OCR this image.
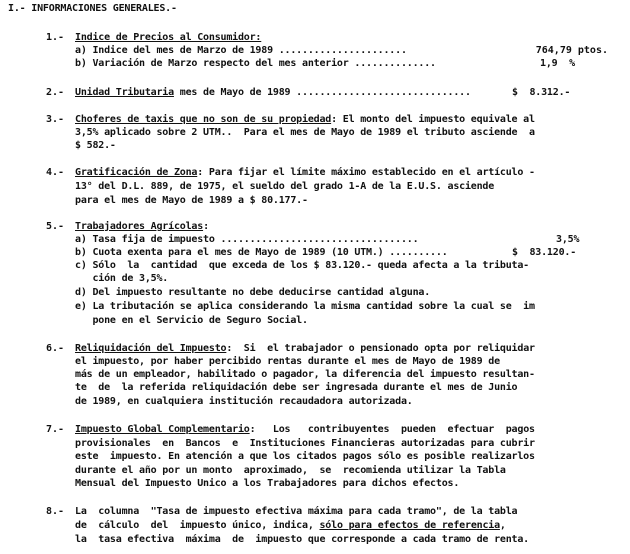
I.- INFORMACIONES GENERALES.-
1.- Indice de Precios al Consumidor:
a) Indice del mes de Marzo de 1989 ......................	764,79 ptos.
b) Variación de Marzo respecto del mes anterior ..............	1,9  %
2.- Unidad Tributaria mes de Mayo de 1989 ..............................	$  8.312.-
3.- Choferes de taxis que no son de su propiedad: El monto del impuesto equivale al
3,5% aplicado sobre 2 UTM..  Para el mes de Mayo de 1989 el tributo asciende  a
$ 582.-
4.- Gratificación de Zona: Para fijar el límite máximo establecido en el artículo -
13° del D.L. 889, de 1975, el sueldo del grado 1-A de la E.U.S. asciende
para el mes de Mayo de 1989 a $ 80.177.-
5.- Trabajadores Agrícolas:
a) Tasa fija de impuesto ..................................	3,5%
b) Cuota exenta para el mes de Mayo de 1989 (10 UTM.) ..........	$  83.120.-
c) Sólo  la  cantidad  que exceda de los $ 83.120.- queda afecta a la tributa-
ción de 3,5%.
d) Del impuesto resultante no debe deducirse cantidad alguna.
e) La tributación se aplica considerando la misma cantidad sobre la cual se  im
pone en el Servicio de Seguro Social.
6.- Reliquidación del Impuesto:  Si  el trabajador o pensionado opta por reliquidar
el impuesto, por haber percibido rentas durante el mes de Mayo de 1989 de
más de un empleador, habilitado o pagador, la diferencia del impuesto resultan-
te  de  la referida reliquidación debe ser ingresada durante el mes de Junio
de 1989, en cualquiera institución recaudadora autorizada.
7.- Impuesto Global Complementario:   Los   contribuyentes  pueden  efectuar  pagos
provisionales  en  Bancos  e  Instituciones Financieras autorizadas para cubrir
este  impuesto. En atención a que los citados pagos sólo es posible realizarlos
durante el año por un monto  aproximado,  se  recomienda utilizar la Tabla
Mensual del Impuesto Unico a los Trabajadores para dichos efectos.
8.- La  columna  "Tasa de impuesto efectiva máxima para cada tramo", de la tabla
de  cálculo  del  impuesto único, indica, sólo para efectos de referencia,
la  tasa efectiva  máxima  de  impuesto que corresponde a cada tramo de renta.
